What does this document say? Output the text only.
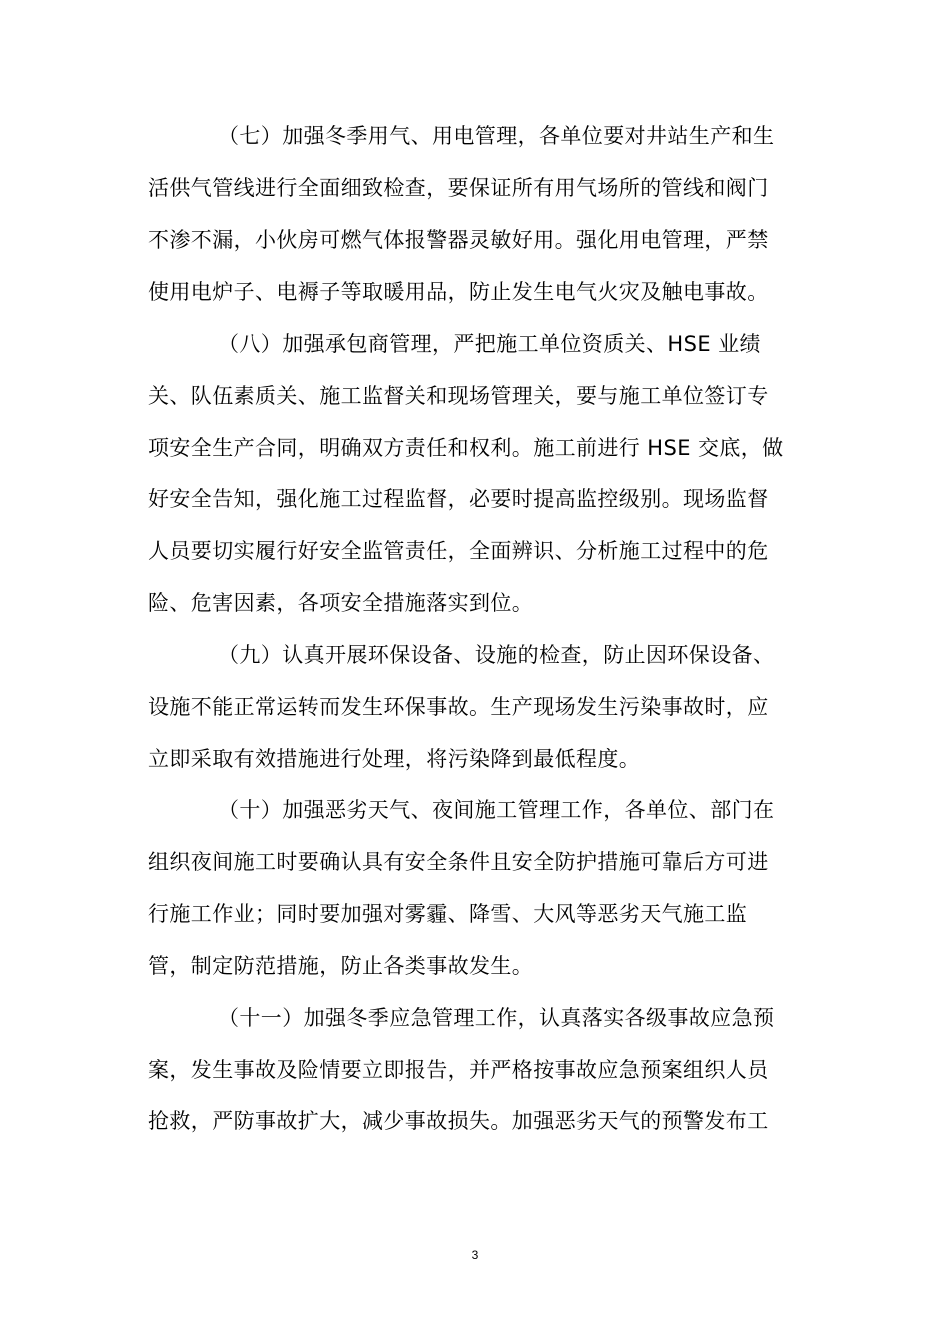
（七）加强冬季用气、用电管理，各单位要对井站生产和生
活供气管线进行全面细致检查，要保证所有用气场所的管线和阀门
不渗不漏，小伙房可燃气体报警器灵敏好用。强化用电管理，严禁
使用电炉子、电褥子等取暖用品，防止发生电气火灾及触电事故。
（八）加强承包商管理，严把施工单位资质关、HSE 业绩
关、队伍素质关、施工监督关和现场管理关，要与施工单位签订专
项安全生产合同，明确双方责任和权利。施工前进行 HSE 交底，做
好安全告知，强化施工过程监督，必要时提高监控级别。现场监督
人员要切实履行好安全监管责任，全面辨识、分析施工过程中的危
险、危害因素，各项安全措施落实到位。
（九）认真开展环保设备、设施的检查，防止因环保设备、
设施不能正常运转而发生环保事故。生产现场发生污染事故时，应
立即采取有效措施进行处理，将污染降到最低程度。
（十）加强恶劣天气、夜间施工管理工作，各单位、部门在
组织夜间施工时要确认具有安全条件且安全防护措施可靠后方可进
行施工作业；同时要加强对雾霾、降雪、大风等恶劣天气施工监
管，制定防范措施，防止各类事故发生。
（十一）加强冬季应急管理工作，认真落实各级事故应急预
案，发生事故及险情要立即报告，并严格按事故应急预案组织人员
抢救，严防事故扩大，减少事故损失。加强恶劣天气的预警发布工
3
